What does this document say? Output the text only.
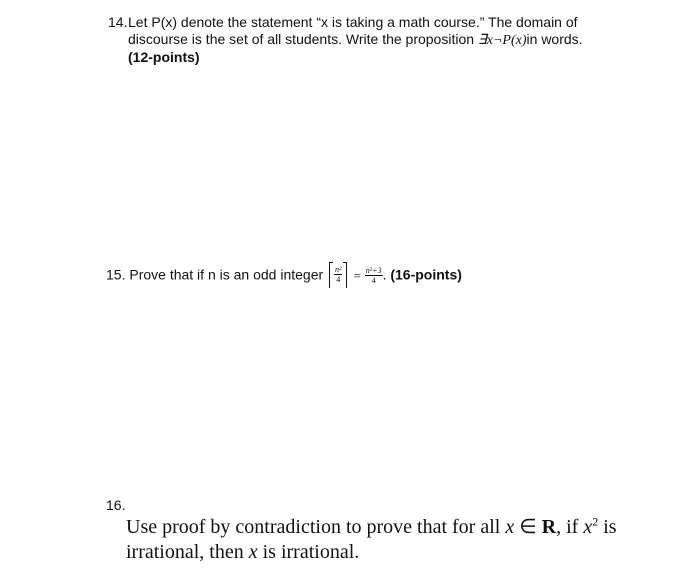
14.Let P(x) denote the statement “x is taking a math course.” The domain of
discourse is the set of all students. Write the proposition ∃x¬P(x)in words.
(12-points)
15. Prove that if n is an odd integer $\frac{\text{n²}}{4} = \frac{\text{n²+3}}{4}$ . (16-points)
16.
Use proof by contradiction to prove that for all x ∈ R, if $x^2$ is
irrational, then x is irrational.
